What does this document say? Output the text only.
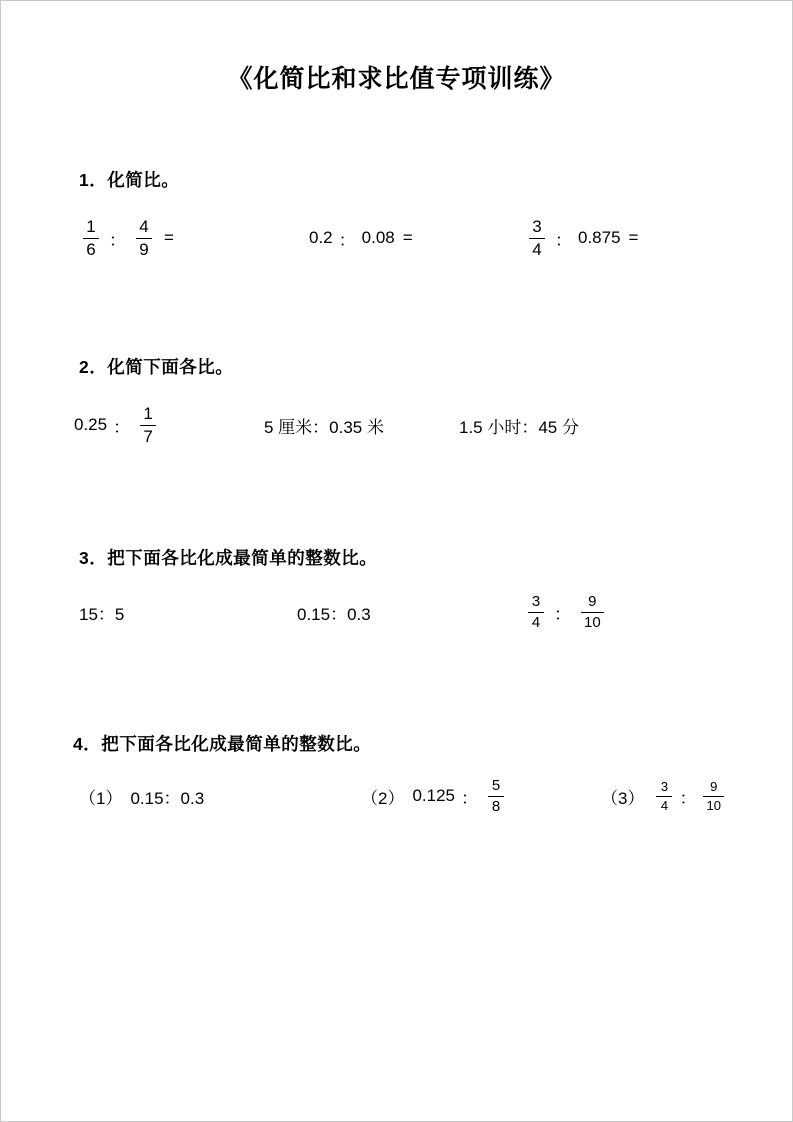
《化简比和求比值专项训练》
1．化简比。
$\frac{1}{6}$ ： $\frac{4}{9}$ =	0.2 ： 0.08 =	$\frac{3}{4}$ ： 0.875 =
2．化简下面各比。
0.25 ： $\frac{1}{7}$	5 厘米：0.35 米	1.5 小时：45 分
3．把下面各比化成最简单的整数比。
15：5	0.15：0.3	$\frac{3}{4}$ ： $\frac{9}{10}$
4．把下面各比化成最简单的整数比。
（1） 0.15：0.3	（2） 0.125 ： $\frac{5}{8}$	$(3) \frac{3}{4}$ ： $\frac{9}{10}$
